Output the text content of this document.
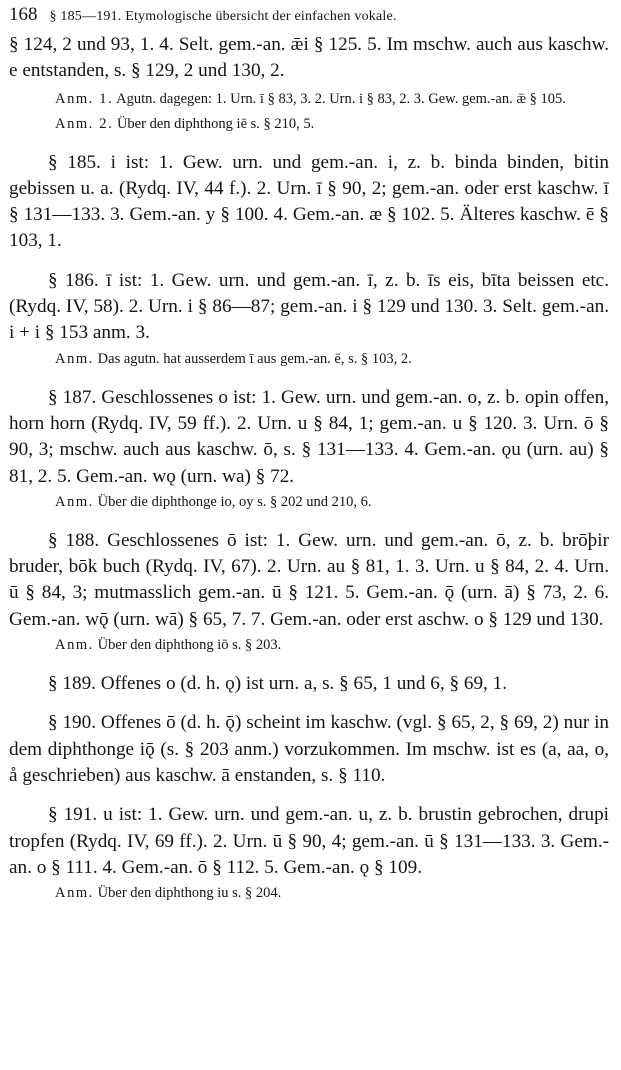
168 § 185—191. Etymologische übersicht der einfachen vokale.

§ 124, 2 und 93, 1. 4. Selt. gem.-an. ǣi § 125. 5. Im mschw. auch aus kaschw. e entstanden, s. § 129, 2 und 130, 2.

Anm. 1. Agutn. dagegen: 1. Urn. ī § 83, 3. 2. Urn. i § 83, 2. 3. Gew. gem.-an. ǣ § 105.

Anm. 2. Über den diphthong iē s. § 210, 5.

§ 185. i ist: 1. Gew. urn. und gem.-an. i, z. b. binda binden, bitin gebissen u. a. (Rydq. IV, 44 f.). 2. Urn. ī § 90, 2; gem.-an. oder erst kaschw. ī § 131—133. 3. Gem.-an. y § 100. 4. Gem.-an. æ § 102. 5. Älteres kaschw. ē § 103, 1.

§ 186. ī ist: 1. Gew. urn. und gem.-an. ī, z. b. īs eis, bīta beissen etc. (Rydq. IV, 58). 2. Urn. i § 86—87; gem.-an. i § 129 und 130. 3. Selt. gem.-an. i + i § 153 anm. 3.

Anm. Das agutn. hat ausserdem ī aus gem.-an. ē, s. § 103, 2.

§ 187. Geschlossenes o ist: 1. Gew. urn. und gem.-an. o, z. b. opin offen, horn horn (Rydq. IV, 59 ff.). 2. Urn. u § 84, 1; gem.-an. u § 120. 3. Urn. ō § 90, 3; mschw. auch aus kaschw. ō, s. § 131—133. 4. Gem.-an. ǫu (urn. au) § 81, 2. 5. Gem.-an. wǫ (urn. wa) § 72.

Anm. Über die diphthonge io, oy s. § 202 und 210, 6.

§ 188. Geschlossenes ō ist: 1. Gew. urn. und gem.-an. ō, z. b. brōþir bruder, bōk buch (Rydq. IV, 67). 2. Urn. au § 81, 1. 3. Urn. u § 84, 2. 4. Urn. ū § 84, 3; mutmasslich gem.-an. ū § 121. 5. Gem.-an. ǭ (urn. ā) § 73, 2. 6. Gem.-an. wǭ (urn. wā) § 65, 7. 7. Gem.-an. oder erst aschw. o § 129 und 130.

Anm. Über den diphthong iō s. § 203.

§ 189. Offenes o (d. h. ǫ) ist urn. a, s. § 65, 1 und 6, § 69, 1.

§ 190. Offenes ō (d. h. ǭ) scheint im kaschw. (vgl. § 65, 2, § 69, 2) nur in dem diphthonge iǭ (s. § 203 anm.) vorzukommen. Im mschw. ist es (a, aa, o, å geschrieben) aus kaschw. ā enstanden, s. § 110.

§ 191. u ist: 1. Gew. urn. und gem.-an. u, z. b. brustin gebrochen, drupi tropfen (Rydq. IV, 69 ff.). 2. Urn. ū § 90, 4; gem.-an. ū § 131—133. 3. Gem.-an. o § 111. 4. Gem.-an. ō § 112. 5. Gem.-an. ǫ § 109.

Anm. Über den diphthong iu s. § 204.
